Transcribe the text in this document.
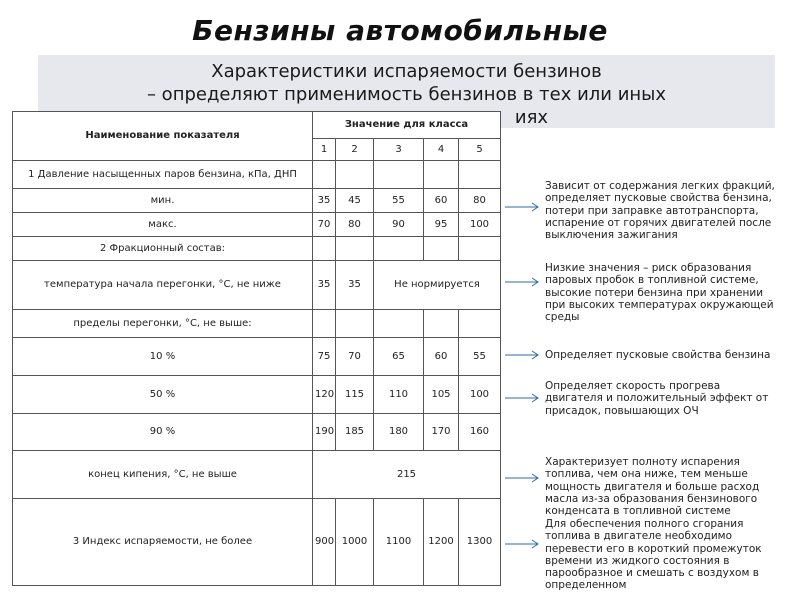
Бензины автомобильные
Характеристики испаряемости бензинов
– определяют применимость бензинов в тех или иных
иях
Наименование показателя	Значение для класса				
	1	2	3	4	5
1 Давление насыщенных паров бензина, кПа, ДНП					
мин.	35	45	55	60	80
макс.	70	80	90	95	100
2 Фракционный состав:					
температура начала перегонки, °C, не ниже	35	35	Не нормируется		
пределы перегонки, °C, не выше:					
10 %	75	70	65	60	55
50 %	120	115	110	105	100
90 %	190	185	180	170	160
конец кипения, °C, не выше	215				
3 Индекс испаряемости, не более	900	1000	1100	1200	1300
Зависит от содержания легких фракций, определяет пусковые свойства бензина, потери при заправке автотранспорта, испарение от горячих двигателей после выключения зажигания
Низкие значения – риск образования паровых пробок в топливной системе, высокие потери бензина при хранении при высоких температурах окружающей среды
Определяет пусковые свойства бензина
Определяет скорость прогрева двигателя и положительный эффект от присадок, повышающих ОЧ
Характеризует полноту испарения топлива, чем она ниже, тем меньше мощность двигателя и больше расход масла из-за образования бензинового конденсата в топливной системе
Для обеспечения полного сгорания топлива в двигателе необходимо перевести его в короткий промежуток времени из жидкого состояния в парообразное и смешать с воздухом в определенном
